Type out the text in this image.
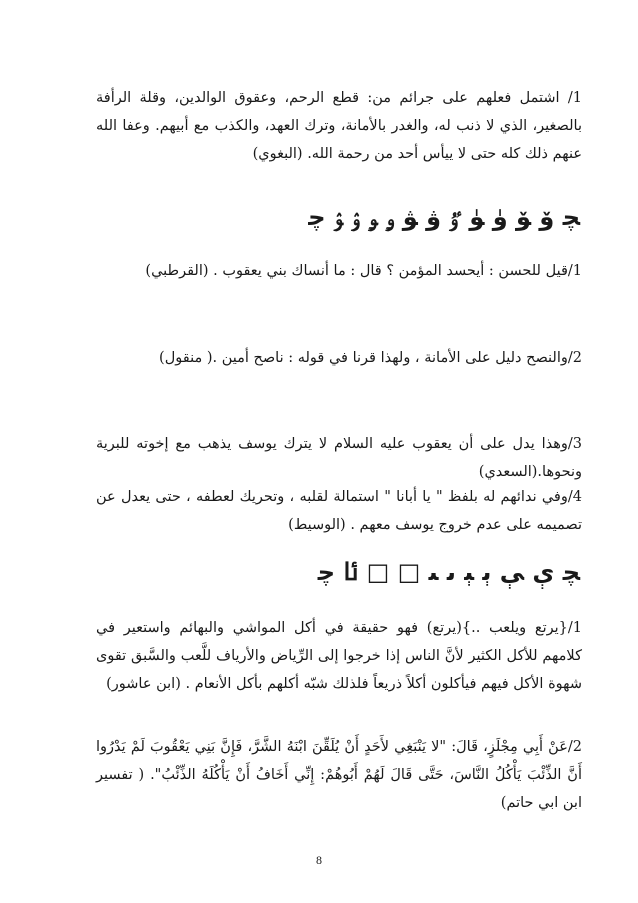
1/ اشتمل فعلهم على جرائم من: قطع الرحم، وعقوق الوالدين، وقلة الرأفة بالصغير، الذي لا ذنب له، والغدر بالأمانة، وترك العهد، والكذب مع أبيهم. وعفا الله عنهم ذلك كله حتى لا ييأس أحد من رحمة الله. (البغوي)
ﭽ ﯙ ﯚ ﯛ ﯜ ﯝ ﯞ ﯟ ﯠ ﯡ ﯢ ﯣ ﭼ
1/قيل للحسن : أيحسد المؤمن ؟ قال : ما أنساك بني يعقوب . (القرطبي)
2/والنصح دليل على الأمانة ، ولهذا قرنا في قوله : ناصح أمين .( منقول)
3/وهذا يدل على أن يعقوب عليه السلام لا يترك يوسف يذهب مع إخوته للبرية ونحوها.(السعدي)
4/وفي ندائهم له بلفظ " يا أبانا " استمالة لقلبه ، وتحريك لعطفه ، حتى يعدل عن تصميمه على عدم خروج يوسف معهم . (الوسيط)
ﭽ ﯤ ﯥ ﯦ ﯧ ﯨ ﯩ □ □ ﯪ ﭼ
1/{يرتع ويلعب ..}(يرتع) فهو حقيقة في أكل المواشي والبهائم واستعير في كلامهم للأكل الكثير لأنَّ الناس إذا خرجوا إلى الرِّياض والأرياف للَّعب والسَّبق تقوى شهوة الأكل فيهم فيأكلون أكلاً ذريعاً فلذلك شبّه أكلهم بأكل الأنعام . (ابن عاشور)
2/عَنْ أَبِي مِجْلَزٍ، قَالَ: "لا يَنْبَغِي لأَحَدٍ أَنْ يُلَقِّنَ ابْنَهُ الشَّرَّ، فَإِنَّ بَنِي يَعْقُوبَ لَمْ يَدْرُوا أَنَّ الذِّئْبَ يَأْكُلُ النَّاسَ، حَتَّى قَالَ لَهُمْ أَبُوهُمْ: إِنِّي أَخَافُ أَنْ يَأْكُلَهُ الذِّئْبُ". ( تفسير ابن ابي حاتم)
8
